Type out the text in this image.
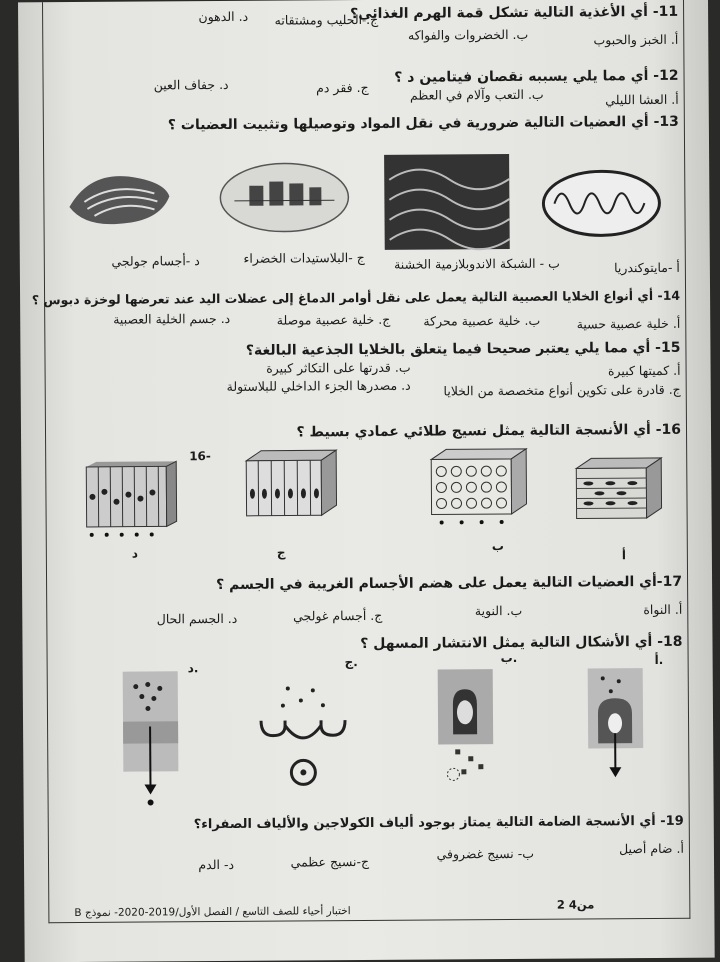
11- أي الأغذية التالية تشكل قمة الهرم الغذائي؟
أ. الخبز والحبوب
ب. الخضروات والفواكه
ج. الحليب ومشتقاته
د. الدهون
12- أي مما يلي يسببه نقصان فيتامين د ؟
أ. العشا الليلي
ب. التعب وآلام في العظم
ج. فقر دم
د. جفاف العين
13- أي العضيات التالية ضرورية في نقل المواد وتوصيلها وتثبيت العضيات ؟
أ -مايتوكندريا
ب - الشبكة الاندوبلازمية الخشنة
ج -البلاستيدات الخضراء
د -أجسام جولجي
14- أي أنواع الخلايا العصبية التالية يعمل على نقل أوامر الدماغ إلى عضلات اليد عند تعرضها لوخزة دبوس ؟
أ. خلية عصبية حسية
ب. خلية عصبية محركة
ج. خلية عصبية موصلة
د. جسم الخلية العصبية
15- أي مما يلي يعتبر صحيحا فيما يتعلق بالخلايا الجذعية البالغة؟
أ. كميتها كبيرة
ب. قدرتها على التكاثر كبيرة
ج. قادرة على تكوين أنواع متخصصة من الخلايا
د. مصدرها الجزء الداخلي للبلاستولة
16- أي الأنسجة التالية يمثل نسيج طلائي عمادي بسيط ؟
16-
د	ج	ب
أ
17-أي العضيات التالية يعمل على هضم الأجسام الغريبة في الجسم ؟
أ. النواة
ب. النوية
ج. أجسام غولجي
د. الجسم الحال
18- أي الأشكال التالية يمثل الانتشار المسهل ؟
أ.
ب.
ج.
د.
19- أي الأنسجة الضامة التالية يمتاز بوجود ألياف الكولاجين والألياف الصفراء؟
أ. ضام أصيل
ب- نسيج غضروفي
ج-نسيج عظمي
د- الدم
اختبار أحياء للصف التاسع / الفصل الأول/2019-2020- نموذج B
2 من4
